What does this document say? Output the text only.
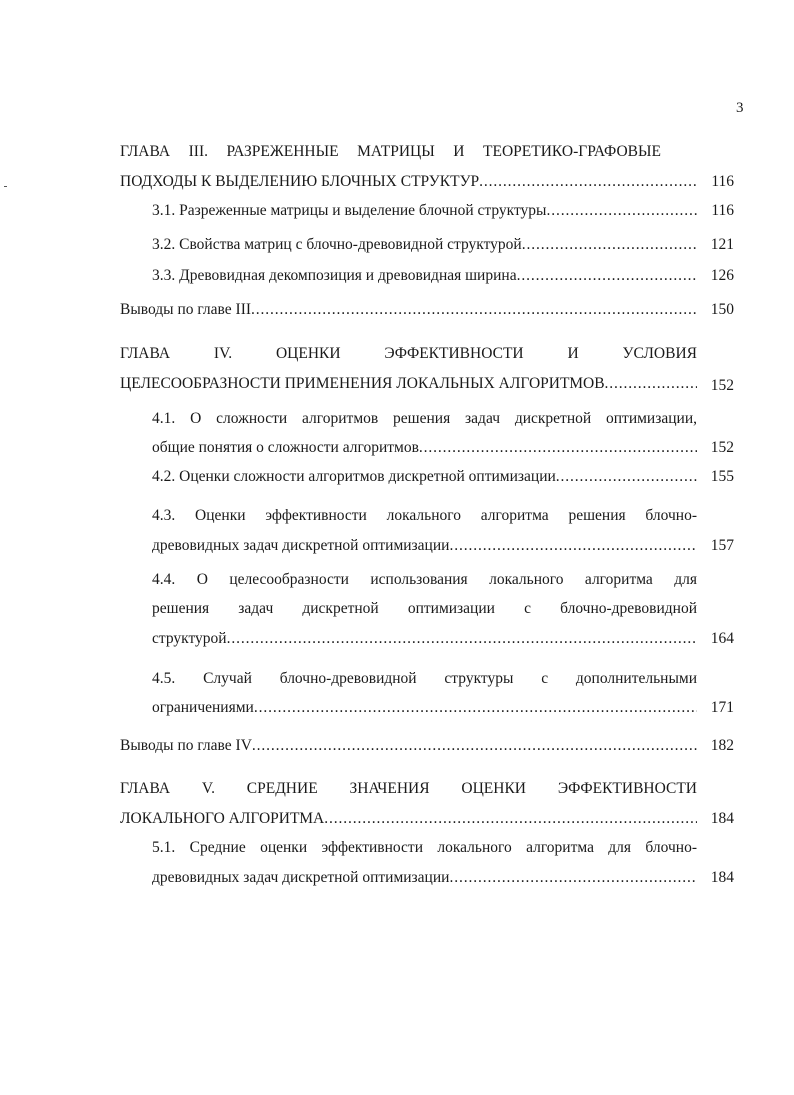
3
ГЛАВА III. РАЗРЕЖЕННЫЕ МАТРИЦЫ И ТЕОРЕТИКО-ГРАФОВЫЕ
ПОДХОДЫ К ВЫДЕЛЕНИЮ БЛОЧНЫХ СТРУКТУР . . .	116
3.1. Разреженные матрицы и выделение блочной структуры . . .	116
3.2. Свойства матриц с блочно-древовидной структурой . . .	121
3.3. Древовидная декомпозиция и древовидная ширина . . .	126
Выводы по главе III . . .	150
ГЛАВА IV. ОЦЕНКИ ЭФФЕКТИВНОСТИ И УСЛОВИЯ
ЦЕЛЕСООБРАЗНОСТИ ПРИМЕНЕНИЯ ЛОКАЛЬНЫХ АЛГОРИТМОВ . . .	152
4.1. О сложности алгоритмов решения задач дискретной оптимизации,
общие понятия о сложности алгоритмов . . .	152
4.2. Оценки сложности алгоритмов дискретной оптимизации . . .	155
4.3. Оценки эффективности локального алгоритма решения блочно-
древовидных задач дискретной оптимизации . . .	157
4.4. О целесообразности использования локального алгоритма для
решения задач дискретной оптимизации с блочно-древовидной
структурой . . .	164
4.5. Случай блочно-древовидной структуры с дополнительными
ограничениями . . .	171
Выводы по главе IV . . .	182
ГЛАВА V. СРЕДНИЕ ЗНАЧЕНИЯ ОЦЕНКИ ЭФФЕКТИВНОСТИ
ЛОКАЛЬНОГО АЛГОРИТМА . . .	184
5.1. Средние оценки эффективности локального алгоритма для блочно-
древовидных задач дискретной оптимизации . . .	184
